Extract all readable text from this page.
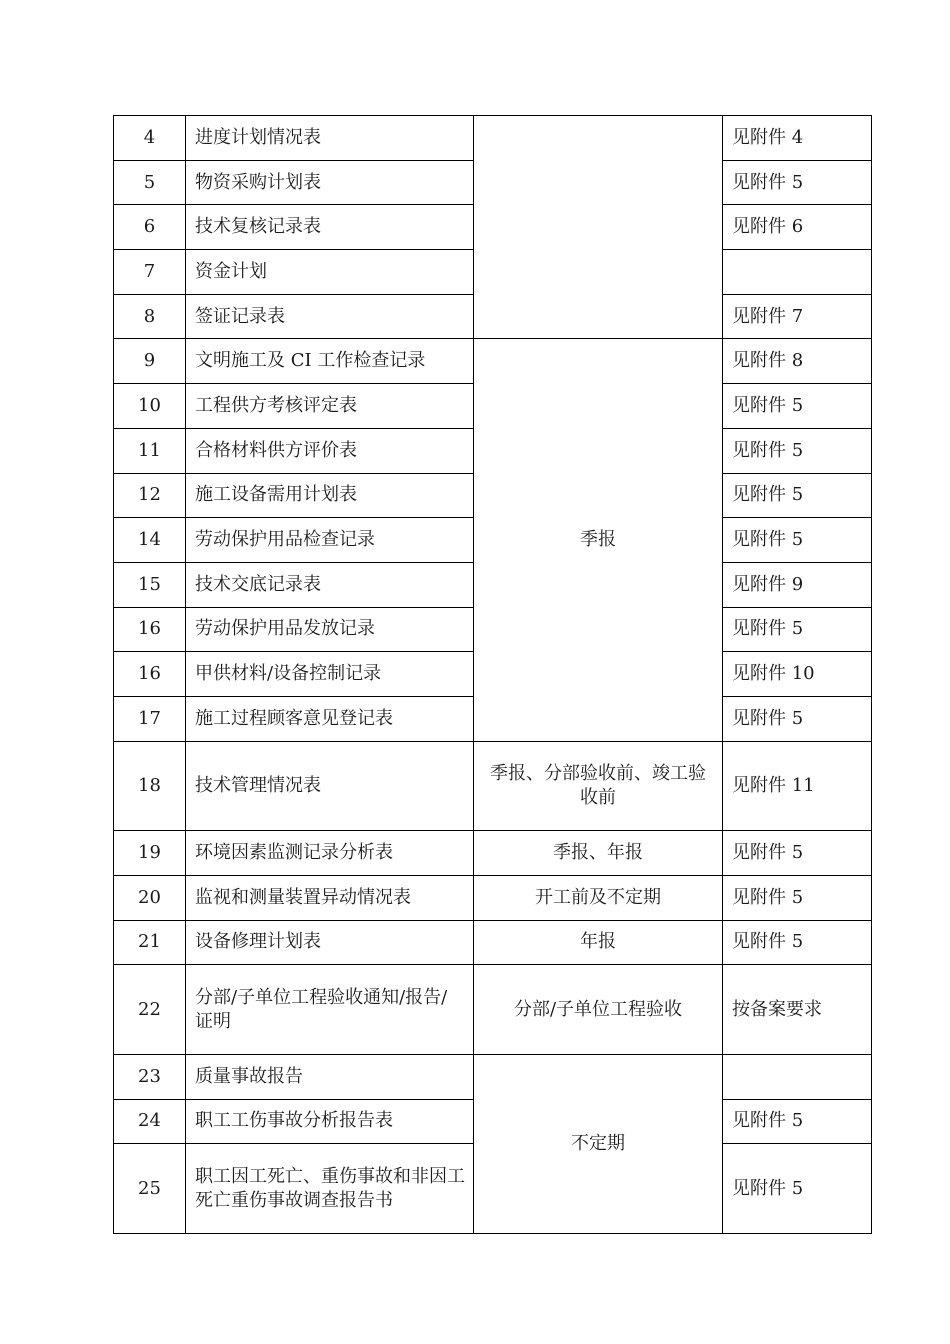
4	进度计划情况表		见附件 4
5	物资采购计划表		见附件 5
6	技术复核记录表		见附件 6
7	资金计划		
8	签证记录表		见附件 7
9	文明施工及 CI 工作检查记录	季报	见附件 8
10	工程供方考核评定表		见附件 5
11	合格材料供方评价表		见附件 5
12	施工设备需用计划表		见附件 5
14	劳动保护用品检查记录		见附件 5
15	技术交底记录表		见附件 9
16	劳动保护用品发放记录		见附件 5
16	甲供材料/设备控制记录		见附件 10
17	施工过程顾客意见登记表		见附件 5
18	技术管理情况表	季报、分部验收前、竣工验收前	见附件 11
19	环境因素监测记录分析表	季报、年报	见附件 5
20	监视和测量装置异动情况表	开工前及不定期	见附件 5
21	设备修理计划表	年报	见附件 5
22	分部/子单位工程验收通知/报告/证明	分部/子单位工程验收	按备案要求
23	质量事故报告	不定期	
24	职工工伤事故分析报告表		见附件 5
25	职工因工死亡、重伤事故和非因工死亡重伤事故调查报告书		见附件 5
